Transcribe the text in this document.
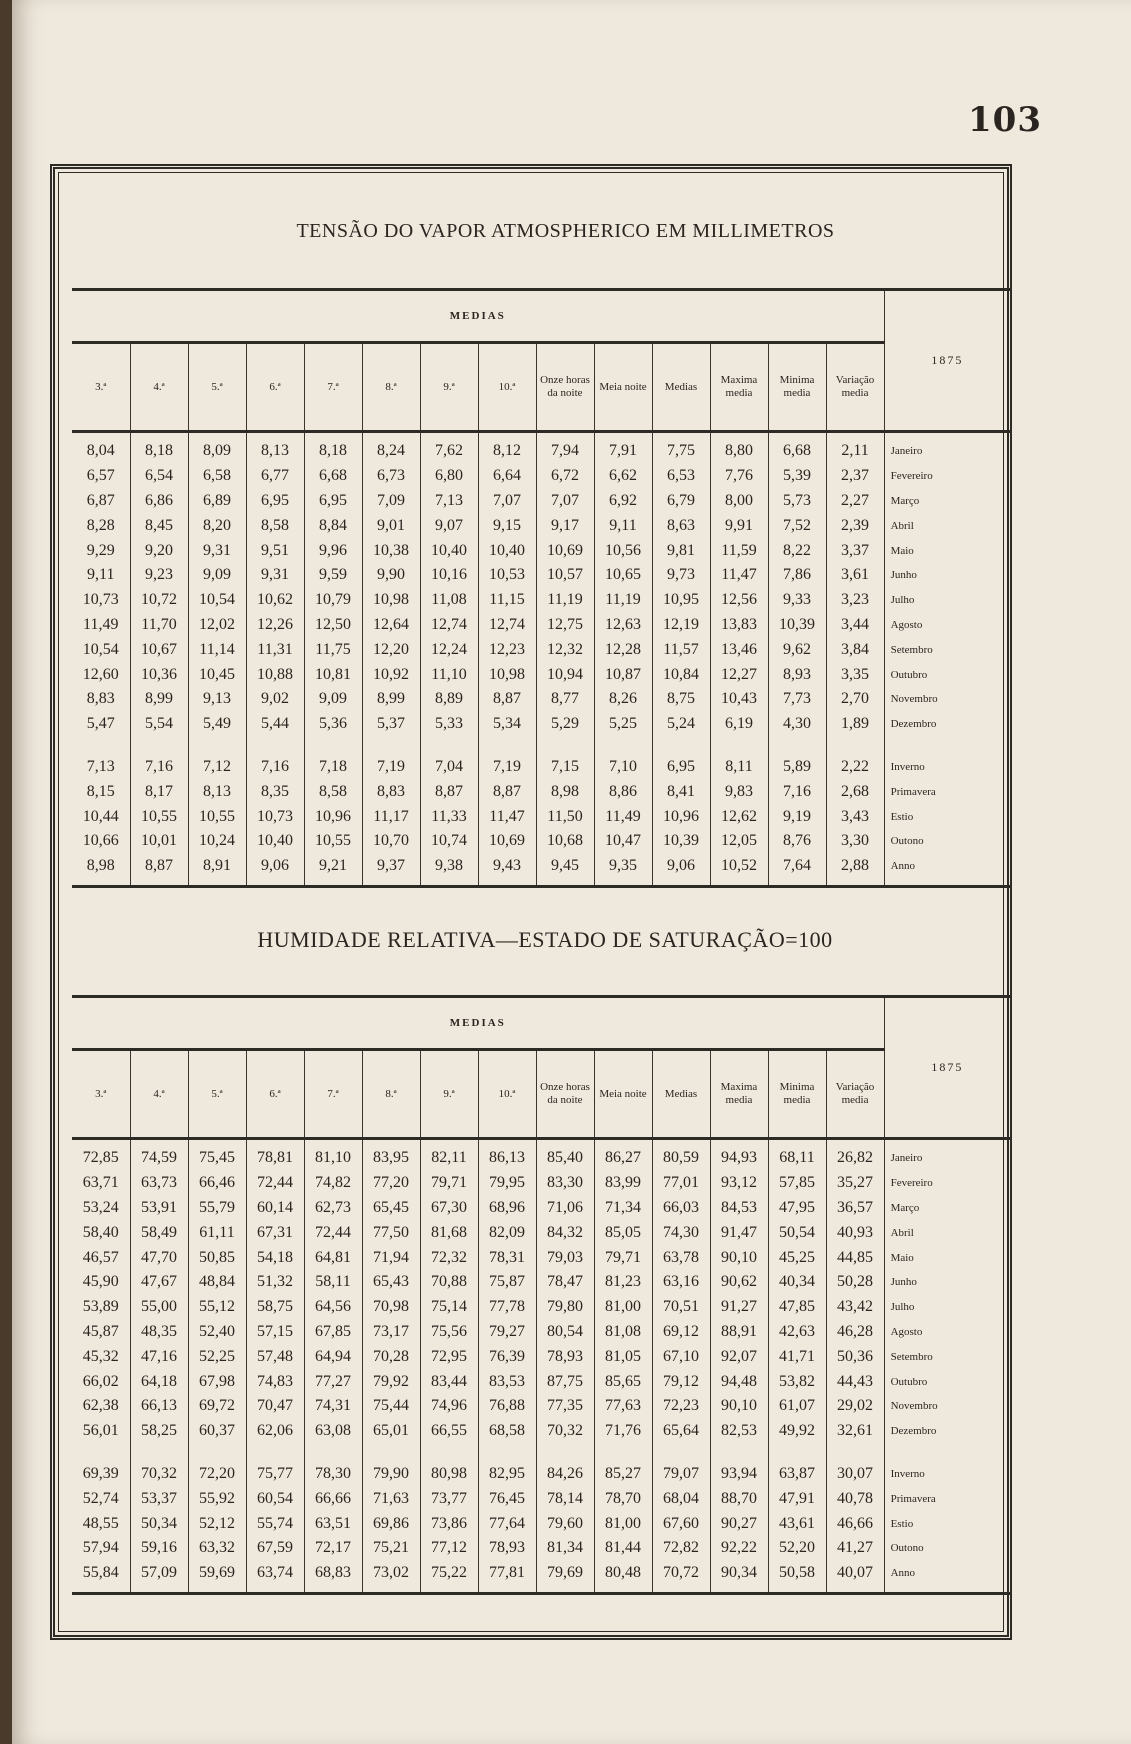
103
TENSÃO DO VAPOR ATMOSPHERICO EM MILLIMETROS
MEDIAS														1875
3.ª	4.ª	5.ª	6.ª	7.ª	8.ª	9.ª	10.ª	Onze horas da noite	Meia noite	Medias	Maxima media	Minima media	Variação media	
8,04	8,18	8,09	8,13	8,18	8,24	7,62	8,12	7,94	7,91	7,75	8,80	6,68	2,11	Janeiro
6,57	6,54	6,58	6,77	6,68	6,73	6,80	6,64	6,72	6,62	6,53	7,76	5,39	2,37	Fevereiro
6,87	6,86	6,89	6,95	6,95	7,09	7,13	7,07	7,07	6,92	6,79	8,00	5,73	2,27	Março
8,28	8,45	8,20	8,58	8,84	9,01	9,07	9,15	9,17	9,11	8,63	9,91	7,52	2,39	Abril
9,29	9,20	9,31	9,51	9,96	10,38	10,40	10,40	10,69	10,56	9,81	11,59	8,22	3,37	Maio
9,11	9,23	9,09	9,31	9,59	9,90	10,16	10,53	10,57	10,65	9,73	11,47	7,86	3,61	Junho
10,73	10,72	10,54	10,62	10,79	10,98	11,08	11,15	11,19	11,19	10,95	12,56	9,33	3,23	Julho
11,49	11,70	12,02	12,26	12,50	12,64	12,74	12,74	12,75	12,63	12,19	13,83	10,39	3,44	Agosto
10,54	10,67	11,14	11,31	11,75	12,20	12,24	12,23	12,32	12,28	11,57	13,46	9,62	3,84	Setembro
12,60	10,36	10,45	10,88	10,81	10,92	11,10	10,98	10,94	10,87	10,84	12,27	8,93	3,35	Outubro
8,83	8,99	9,13	9,02	9,09	8,99	8,89	8,87	8,77	8,26	8,75	10,43	7,73	2,70	Novembro
5,47	5,54	5,49	5,44	5,36	5,37	5,33	5,34	5,29	5,25	5,24	6,19	4,30	1,89	Dezembro

7,13	7,16	7,12	7,16	7,18	7,19	7,04	7,19	7,15	7,10	6,95	8,11	5,89	2,22	Inverno
8,15	8,17	8,13	8,35	8,58	8,83	8,87	8,87	8,98	8,86	8,41	9,83	7,16	2,68	Primavera
10,44	10,55	10,55	10,73	10,96	11,17	11,33	11,47	11,50	11,49	10,96	12,62	9,19	3,43	Estio
10,66	10,01	10,24	10,40	10,55	10,70	10,74	10,69	10,68	10,47	10,39	12,05	8,76	3,30	Outono
8,98	8,87	8,91	9,06	9,21	9,37	9,38	9,43	9,45	9,35	9,06	10,52	7,64	2,88	Anno

HUMIDADE RELATIVA—ESTADO DE SATURAÇÃO=100
MEDIAS														1875
3.ª	4.ª	5.ª	6.ª	7.ª	8.ª	9.ª	10.ª	Onze horas da noite	Meia noite	Medias	Maxima media	Minima media	Variação media	
72,85	74,59	75,45	78,81	81,10	83,95	82,11	86,13	85,40	86,27	80,59	94,93	68,11	26,82	Janeiro
63,71	63,73	66,46	72,44	74,82	77,20	79,71	79,95	83,30	83,99	77,01	93,12	57,85	35,27	Fevereiro
53,24	53,91	55,79	60,14	62,73	65,45	67,30	68,96	71,06	71,34	66,03	84,53	47,95	36,57	Março
58,40	58,49	61,11	67,31	72,44	77,50	81,68	82,09	84,32	85,05	74,30	91,47	50,54	40,93	Abril
46,57	47,70	50,85	54,18	64,81	71,94	72,32	78,31	79,03	79,71	63,78	90,10	45,25	44,85	Maio
45,90	47,67	48,84	51,32	58,11	65,43	70,88	75,87	78,47	81,23	63,16	90,62	40,34	50,28	Junho
53,89	55,00	55,12	58,75	64,56	70,98	75,14	77,78	79,80	81,00	70,51	91,27	47,85	43,42	Julho
45,87	48,35	52,40	57,15	67,85	73,17	75,56	79,27	80,54	81,08	69,12	88,91	42,63	46,28	Agosto
45,32	47,16	52,25	57,48	64,94	70,28	72,95	76,39	78,93	81,05	67,10	92,07	41,71	50,36	Setembro
66,02	64,18	67,98	74,83	77,27	79,92	83,44	83,53	87,75	85,65	79,12	94,48	53,82	44,43	Outubro
62,38	66,13	69,72	70,47	74,31	75,44	74,96	76,88	77,35	77,63	72,23	90,10	61,07	29,02	Novembro
56,01	58,25	60,37	62,06	63,08	65,01	66,55	68,58	70,32	71,76	65,64	82,53	49,92	32,61	Dezembro

69,39	70,32	72,20	75,77	78,30	79,90	80,98	82,95	84,26	85,27	79,07	93,94	63,87	30,07	Inverno
52,74	53,37	55,92	60,54	66,66	71,63	73,77	76,45	78,14	78,70	68,04	88,70	47,91	40,78	Primavera
48,55	50,34	52,12	55,74	63,51	69,86	73,86	77,64	79,60	81,00	67,60	90,27	43,61	46,66	Estio
57,94	59,16	63,32	67,59	72,17	75,21	77,12	78,93	81,34	81,44	72,82	92,22	52,20	41,27	Outono
55,84	57,09	59,69	63,74	68,83	73,02	75,22	77,81	79,69	80,48	70,72	90,34	50,58	40,07	Anno
